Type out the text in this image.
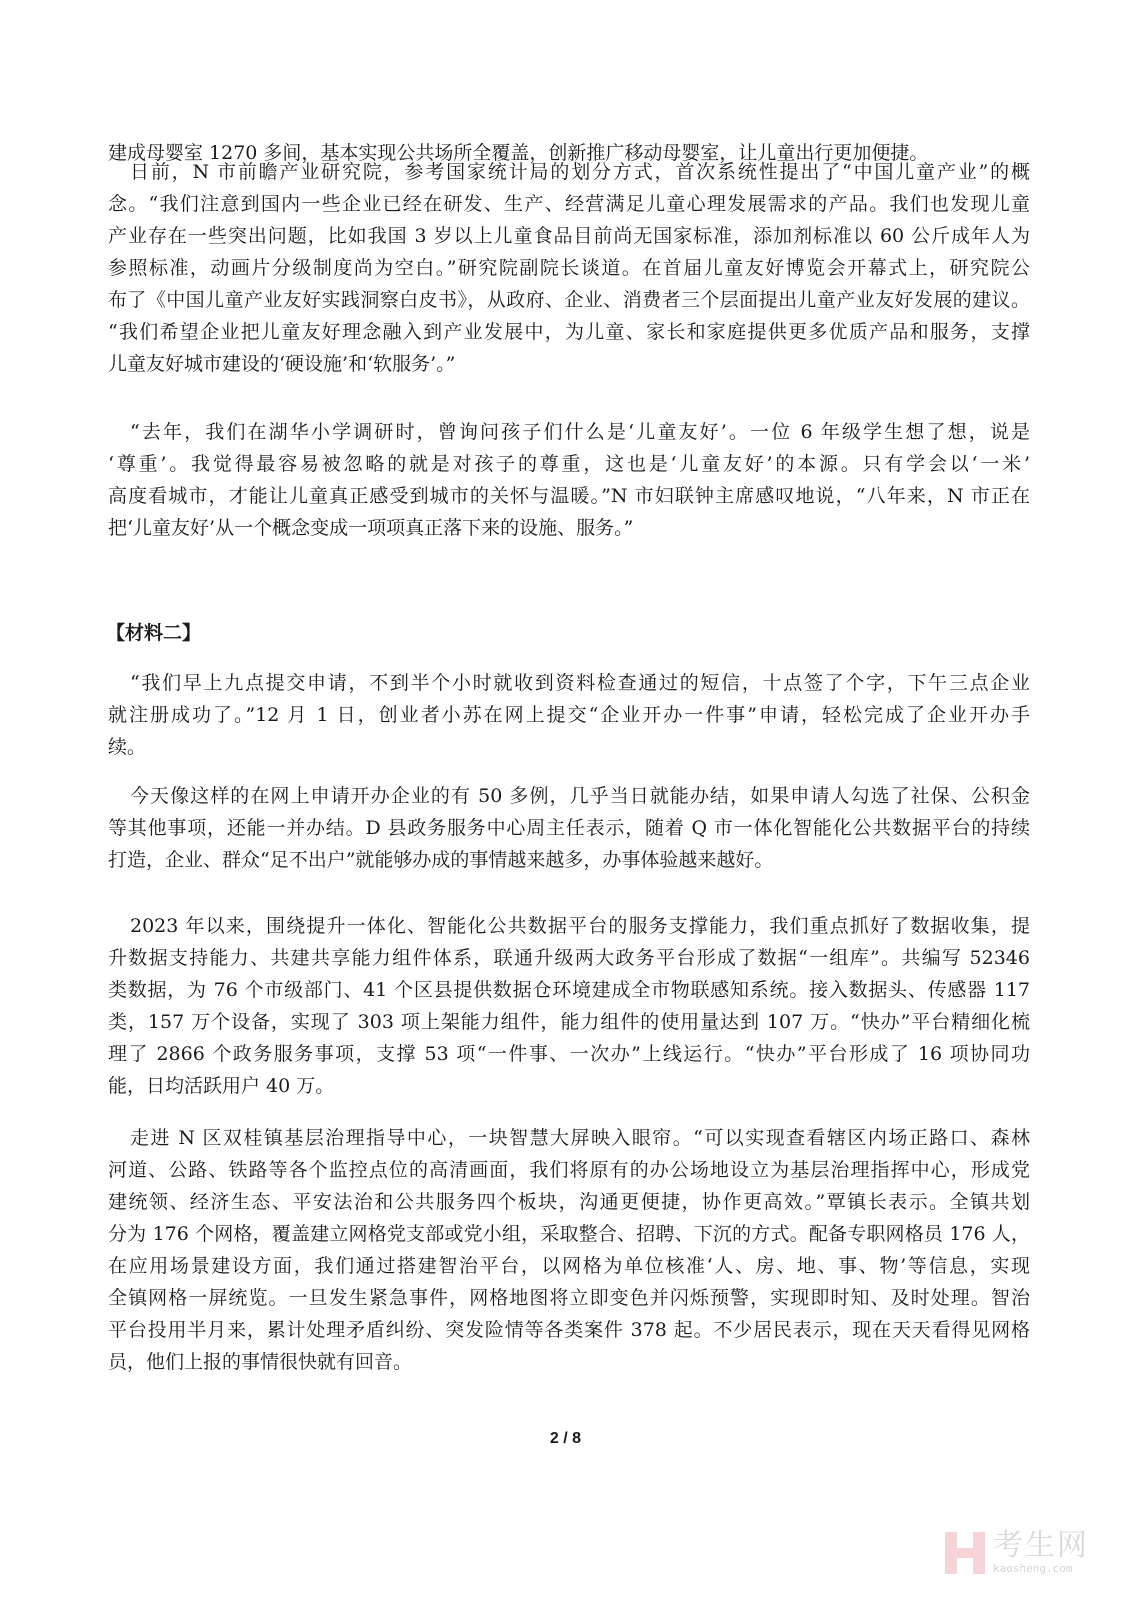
【材料二】
2 / 8
考生网
kaosheng.com
建成母婴室 1270 多间，基本实现公共场所全覆盖，创新推广移动母婴室，让儿童出行更加便捷。
日前，N 市前瞻产业研究院，参考国家统计局的划分方式，首次系统性提出了“中国儿童产业”的概
念。“我们注意到国内一些企业已经在研发、生产、经营满足儿童心理发展需求的产品。我们也发现儿童
产业存在一些突出问题，比如我国 3 岁以上儿童食品目前尚无国家标准，添加剂标准以 60 公斤成年人为
参照标准，动画片分级制度尚为空白。”研究院副院长谈道。在首届儿童友好博览会开幕式上，研究院公
布了《中国儿童产业友好实践洞察白皮书》，从政府、企业、消费者三个层面提出儿童产业友好发展的建议。
“我们希望企业把儿童友好理念融入到产业发展中，为儿童、家长和家庭提供更多优质产品和服务，支撑
儿童友好城市建设的‘硬设施’和‘软服务’。”
“去年，我们在湖华小学调研时，曾询问孩子们什么是‘儿童友好’。一位 6 年级学生想了想，说是
‘尊重’。我觉得最容易被忽略的就是对孩子的尊重，这也是‘儿童友好’的本源。只有学会以‘一米’
高度看城市，才能让儿童真正感受到城市的关怀与温暖。”N 市妇联钟主席感叹地说，“八年来，N 市正在
把‘儿童友好’从一个概念变成一项项真正落下来的设施、服务。”
“我们早上九点提交申请，不到半个小时就收到资料检查通过的短信，十点签了个字，下午三点企业
就注册成功了。”12 月 1 日，创业者小苏在网上提交“企业开办一件事”申请，轻松完成了企业开办手
续。
今天像这样的在网上申请开办企业的有 50 多例，几乎当日就能办结，如果申请人勾选了社保、公积金
等其他事项，还能一并办结。D 县政务服务中心周主任表示，随着 Q 市一体化智能化公共数据平台的持续
打造，企业、群众“足不出户”就能够办成的事情越来越多，办事体验越来越好。
2023 年以来，围绕提升一体化、智能化公共数据平台的服务支撑能力，我们重点抓好了数据收集，提
升数据支持能力、共建共享能力组件体系，联通升级两大政务平台形成了数据“一组库”。共编写 52346
类数据，为 76 个市级部门、41 个区县提供数据仓环境建成全市物联感知系统。接入数据头、传感器 117
类，157 万个设备，实现了 303 项上架能力组件，能力组件的使用量达到 107 万。“快办”平台精细化梳
理了 2866 个政务服务事项，支撑 53 项“一件事、一次办”上线运行。“快办”平台形成了 16 项协同功
能，日均活跃用户 40 万。
走进 N 区双桂镇基层治理指导中心，一块智慧大屏映入眼帘。“可以实现查看辖区内场正路口、森林
河道、公路、铁路等各个监控点位的高清画面，我们将原有的办公场地设立为基层治理指挥中心，形成党
建统领、经济生态、平安法治和公共服务四个板块，沟通更便捷，协作更高效。”覃镇长表示。全镇共划
分为 176 个网格，覆盖建立网格党支部或党小组，采取整合、招聘、下沉的方式。配备专职网格员 176 人，
在应用场景建设方面，我们通过搭建智治平台，以网格为单位核准‘人、房、地、事、物’等信息，实现
全镇网格一屏统览。一旦发生紧急事件，网格地图将立即变色并闪烁预警，实现即时知、及时处理。智治
平台投用半月来，累计处理矛盾纠纷、突发险情等各类案件 378 起。不少居民表示，现在天天看得见网格
员，他们上报的事情很快就有回音。
